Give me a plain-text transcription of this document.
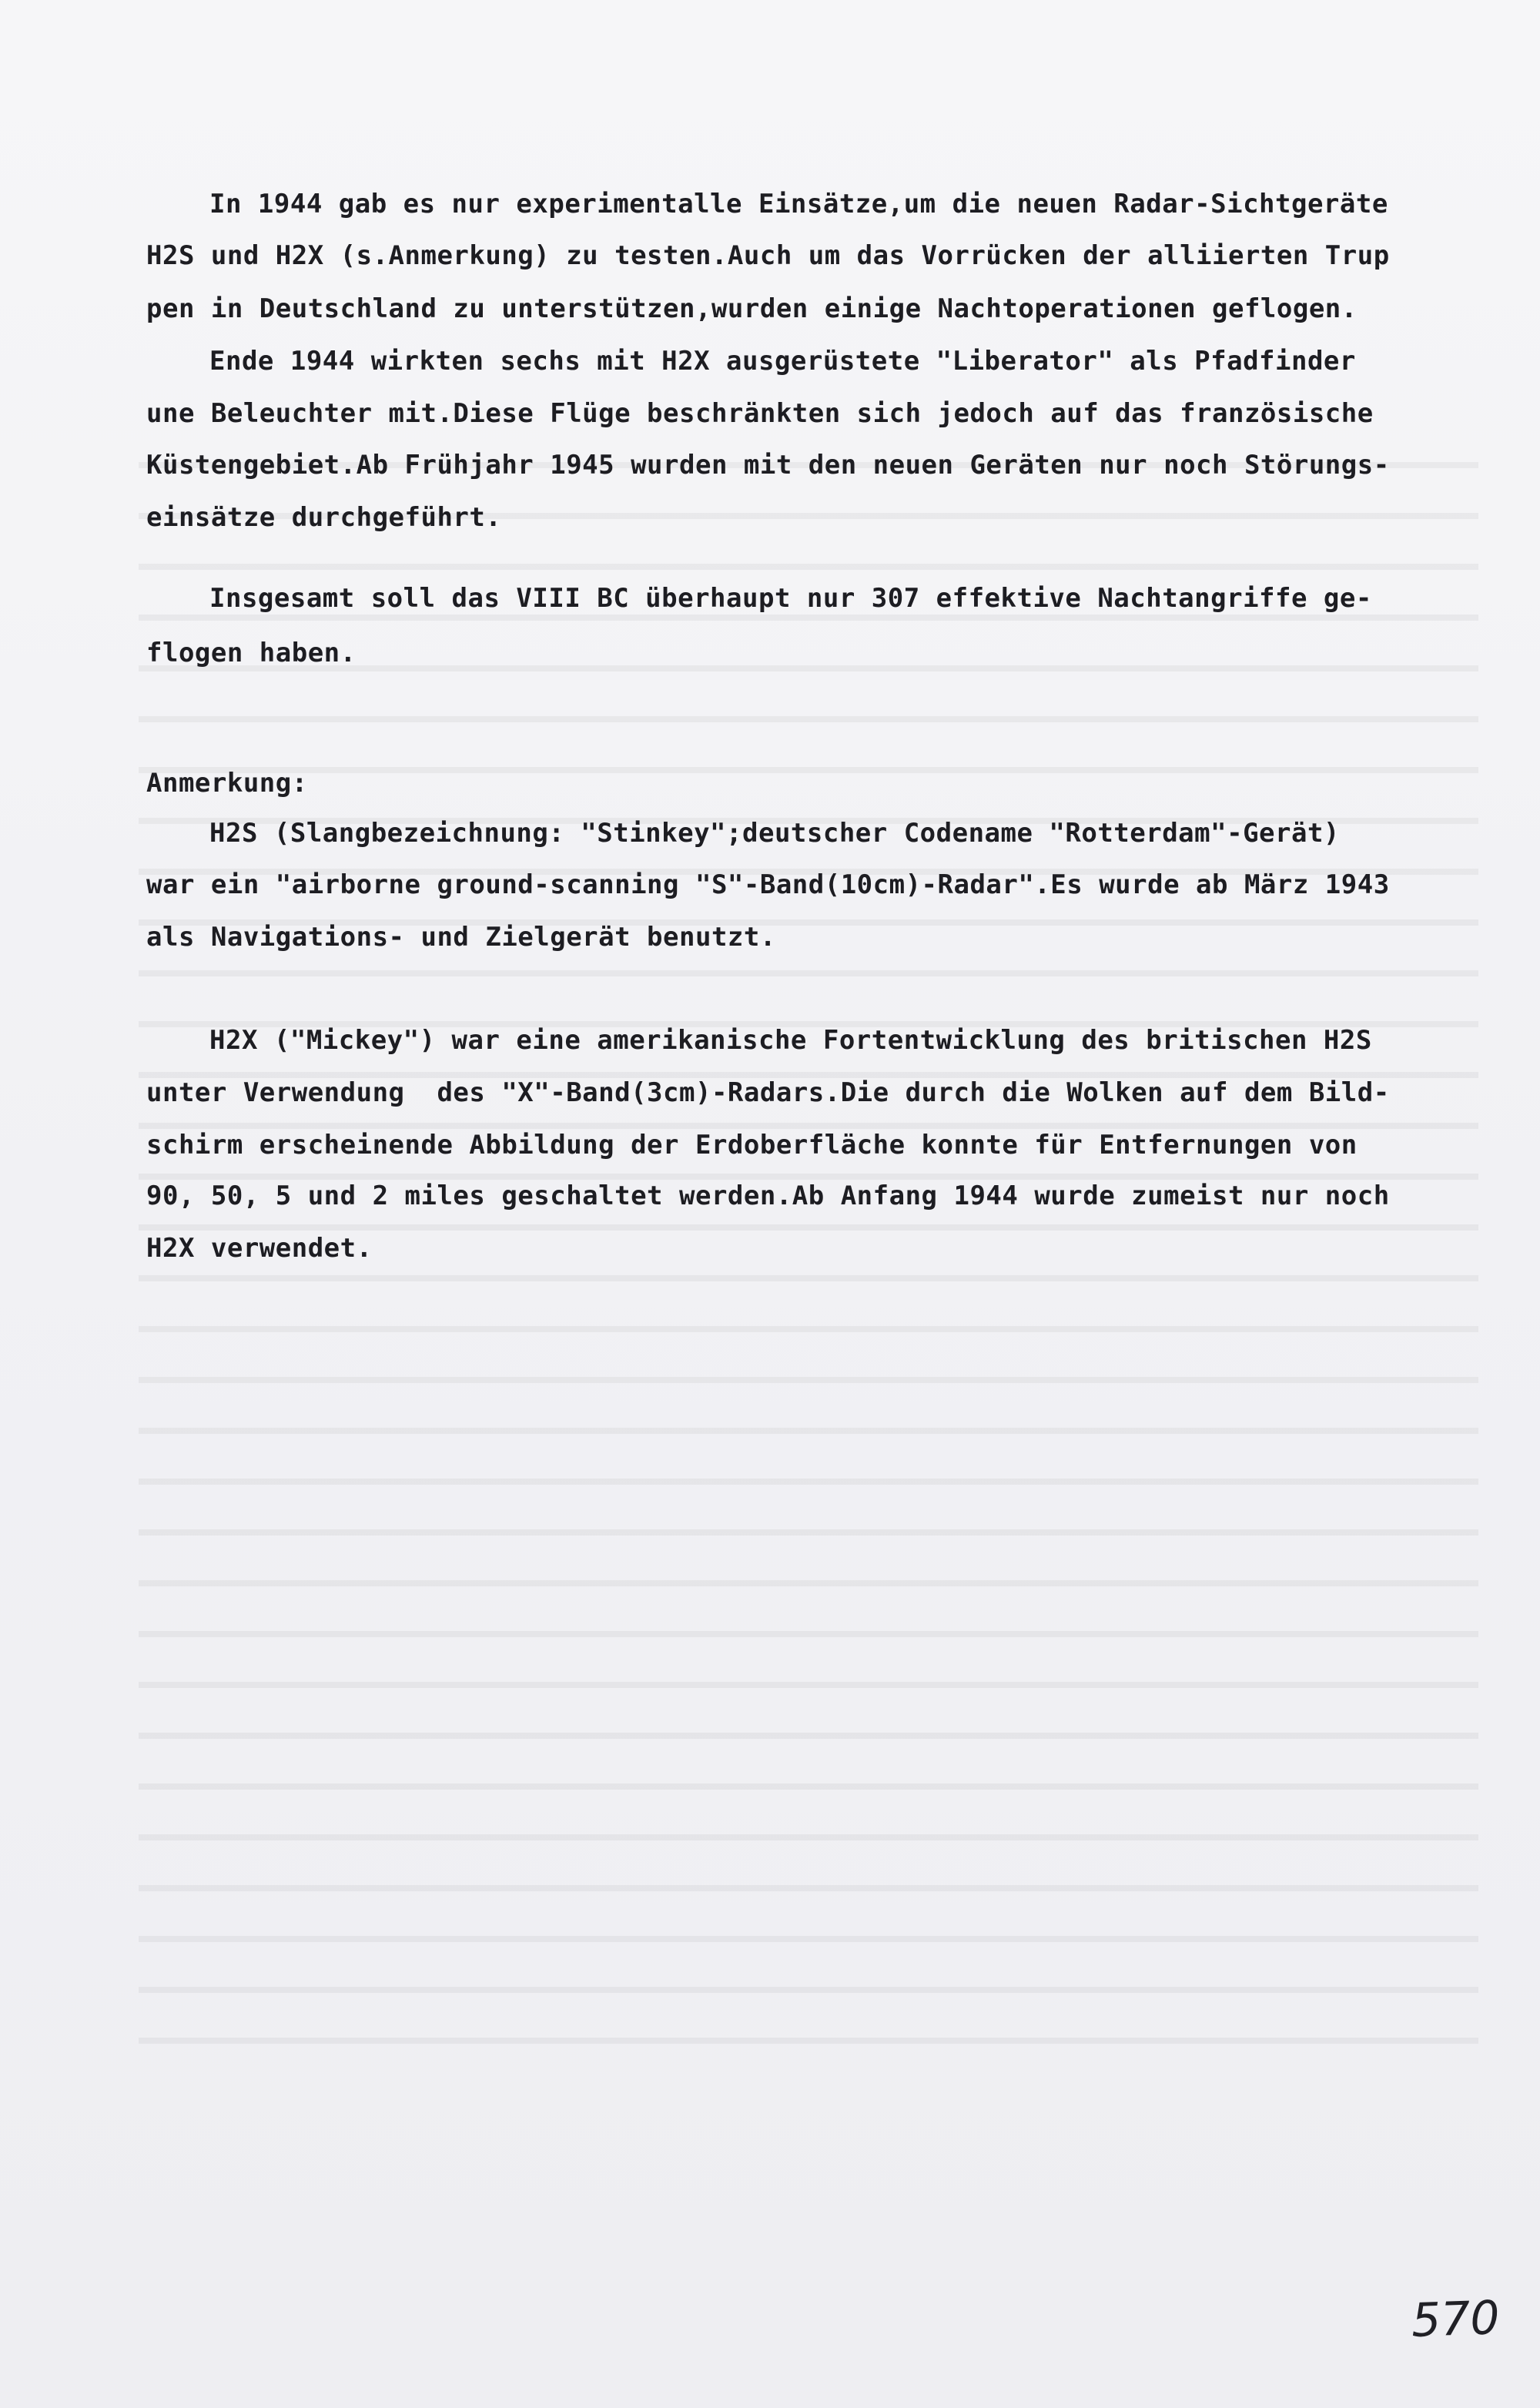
In 1944 gab es nur experimentalle Einsätze,um die neuen Radar-Sichtgeräte
H2S und H2X (s.Anmerkung) zu testen.Auch um das Vorrücken der alliierten Trup
pen in Deutschland zu unterstützen,wurden einige Nachtoperationen geflogen.
Ende 1944 wirkten sechs mit H2X ausgerüstete "Liberator" als Pfadfinder
une Beleuchter mit.Diese Flüge beschränkten sich jedoch auf das französische
Küstengebiet.Ab Frühjahr 1945 wurden mit den neuen Geräten nur noch Störungs-
einsätze durchgeführt.
Insgesamt soll das VIII BC überhaupt nur 307 effektive Nachtangriffe ge-
flogen haben.
Anmerkung:
H2S (Slangbezeichnung: "Stinkey";deutscher Codename "Rotterdam"-Gerät)
war ein "airborne ground-scanning "S"-Band(10cm)-Radar".Es wurde ab März 1943
als Navigations- und Zielgerät benutzt.
H2X ("Mickey") war eine amerikanische Fortentwicklung des britischen H2S
unter Verwendung  des "X"-Band(3cm)-Radars.Die durch die Wolken auf dem Bild-
schirm erscheinende Abbildung der Erdoberfläche konnte für Entfernungen von
90, 50, 5 und 2 miles geschaltet werden.Ab Anfang 1944 wurde zumeist nur noch
H2X verwendet.
570
